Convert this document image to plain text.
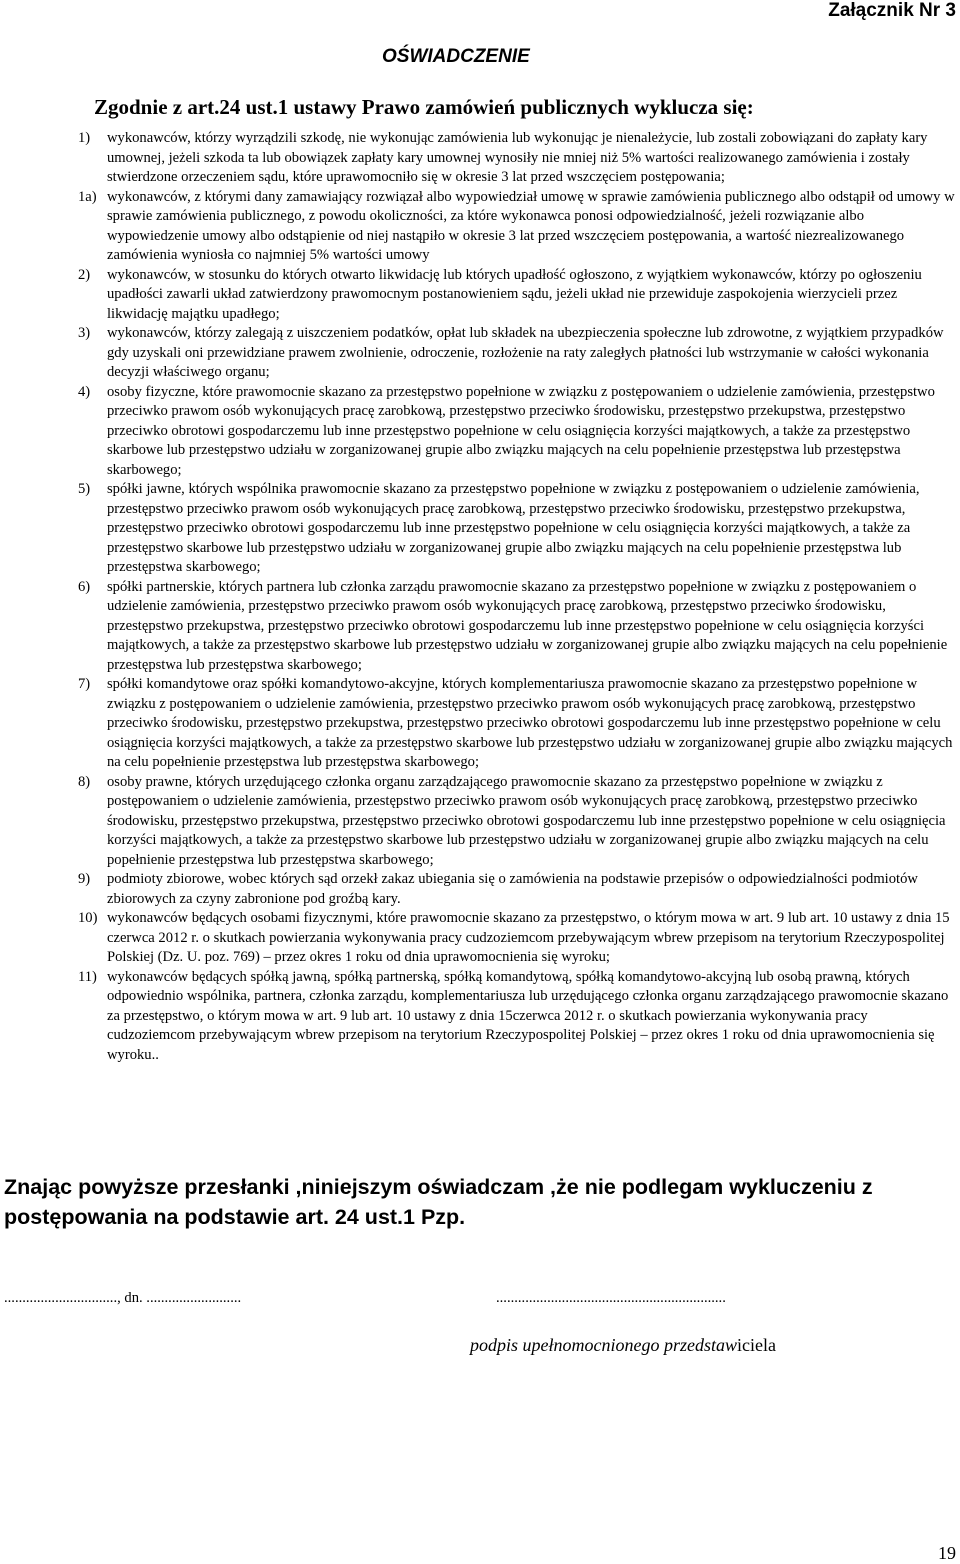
Załącznik Nr 3
OŚWIADCZENIE
Zgodnie z art.24 ust.1 ustawy Prawo zamówień publicznych wyklucza się:
1)	wykonawców, którzy wyrządzili szkodę, nie wykonując zamówienia lub wykonując je nienależycie, lub zostali zobowiązani do zapłaty kary umownej, jeżeli szkoda ta lub obowiązek zapłaty kary umownej wynosiły nie mniej niż 5% wartości realizowanego zamówienia i zostały stwierdzone orzeczeniem sądu, które uprawomocniło się w okresie 3 lat przed wszczęciem postępowania;
1a) wykonawców, z którymi dany zamawiający rozwiązał albo wypowiedział umowę w sprawie zamówienia publicznego albo odstąpił od umowy w sprawie zamówienia publicznego, z powodu okoliczności, za które wykonawca ponosi odpowiedzialność, jeżeli rozwiązanie albo wypowiedzenie umowy albo odstąpienie od niej nastąpiło w okresie 3 lat przed wszczęciem postępowania, a wartość niezrealizowanego zamówienia wyniosła co najmniej 5% wartości umowy
2)	wykonawców, w stosunku do których otwarto likwidację lub których upadłość ogłoszono, z wyjątkiem wykonawców, którzy po ogłoszeniu upadłości zawarli układ zatwierdzony prawomocnym postanowieniem sądu, jeżeli układ nie przewiduje zaspokojenia wierzycieli przez likwidację majątku upadłego;
3)	wykonawców, którzy zalegają z uiszczeniem podatków, opłat lub składek na ubezpieczenia społeczne lub zdrowotne, z wyjątkiem przypadków gdy uzyskali oni przewidziane prawem zwolnienie, odroczenie, rozłożenie na raty zaległych płatności lub wstrzymanie w całości wykonania decyzji właściwego organu;
4)	osoby fizyczne, które prawomocnie skazano za przestępstwo popełnione w związku z postępowaniem o udzielenie zamówienia, przestępstwo przeciwko prawom osób wykonujących pracę zarobkową, przestępstwo przeciwko środowisku, przestępstwo przekupstwa, przestępstwo przeciwko obrotowi gospodarczemu lub inne przestępstwo popełnione w celu osiągnięcia korzyści majątkowych, a także za przestępstwo skarbowe lub przestępstwo udziału w zorganizowanej grupie albo związku mających na celu popełnienie przestępstwa lub przestępstwa skarbowego;
5)	spółki jawne, których wspólnika prawomocnie skazano za przestępstwo popełnione w związku z postępowaniem o udzielenie zamówienia, przestępstwo przeciwko prawom osób wykonujących pracę zarobkową, przestępstwo przeciwko środowisku, przestępstwo przekupstwa, przestępstwo przeciwko obrotowi gospodarczemu lub inne przestępstwo popełnione w celu osiągnięcia korzyści majątkowych, a także za przestępstwo skarbowe lub przestępstwo udziału w zorganizowanej grupie albo związku mających na celu popełnienie przestępstwa lub przestępstwa skarbowego;
6)	spółki partnerskie, których partnera lub członka zarządu prawomocnie skazano za przestępstwo popełnione w związku z postępowaniem o udzielenie zamówienia, przestępstwo przeciwko prawom osób wykonujących pracę zarobkową, przestępstwo przeciwko środowisku, przestępstwo przekupstwa, przestępstwo przeciwko obrotowi gospodarczemu lub inne przestępstwo popełnione w celu osiągnięcia korzyści majątkowych, a także za przestępstwo skarbowe lub przestępstwo udziału w zorganizowanej grupie albo związku mających na celu popełnienie przestępstwa lub przestępstwa skarbowego;
7)	spółki komandytowe oraz spółki komandytowo-akcyjne, których komplementariusza prawomocnie skazano za przestępstwo popełnione w związku z postępowaniem o udzielenie zamówienia, przestępstwo przeciwko prawom osób wykonujących pracę zarobkową, przestępstwo przeciwko środowisku, przestępstwo przekupstwa, przestępstwo przeciwko obrotowi gospodarczemu lub inne przestępstwo popełnione w celu osiągnięcia korzyści majątkowych, a także za przestępstwo skarbowe lub przestępstwo udziału w zorganizowanej grupie albo związku mających na celu popełnienie przestępstwa lub przestępstwa skarbowego;
8)	osoby prawne, których urzędującego członka organu zarządzającego prawomocnie skazano za przestępstwo popełnione w związku z postępowaniem o udzielenie zamówienia, przestępstwo przeciwko prawom osób wykonujących pracę zarobkową, przestępstwo przeciwko środowisku, przestępstwo przekupstwa, przestępstwo przeciwko obrotowi gospodarczemu lub inne przestępstwo popełnione w celu osiągnięcia korzyści majątkowych, a także za przestępstwo skarbowe lub przestępstwo udziału w zorganizowanej grupie albo związku mających na celu popełnienie przestępstwa lub przestępstwa skarbowego;
9)	podmioty zbiorowe, wobec których sąd orzekł zakaz ubiegania się o zamówienia na podstawie przepisów o odpowiedzialności podmiotów zbiorowych za czyny zabronione pod groźbą kary.
10) wykonawców będących osobami fizycznymi, które prawomocnie skazano za przestępstwo, o którym mowa w art. 9 lub art. 10 ustawy z dnia 15 czerwca 2012 r. o skutkach powierzania wykonywania pracy cudzoziemcom przebywającym wbrew przepisom na terytorium Rzeczypospolitej Polskiej (Dz. U. poz. 769) – przez okres 1 roku od dnia uprawomocnienia się wyroku;
11) wykonawców będących spółką jawną, spółką partnerską, spółką komandytową, spółką komandytowo-akcyjną lub osobą prawną, których odpowiednio wspólnika, partnera, członka zarządu, komplementariusza lub urzędującego członka organu zarządzającego prawomocnie skazano za przestępstwo, o którym mowa w art. 9 lub art. 10 ustawy z dnia 15czerwca 2012 r. o skutkach powierzania wykonywania pracy cudzoziemcom przebywającym wbrew przepisom na terytorium Rzeczypospolitej Polskiej – przez okres 1 roku od dnia uprawomocnienia się wyroku..
Znając powyższe przesłanki ,niniejszym oświadczam ,że nie podlegam wykluczeniu z postępowania na podstawie art. 24 ust.1 Pzp.
..............................., dn. ..........................	...............................................................
podpis upełnomocnionego przedstawiciela
19
